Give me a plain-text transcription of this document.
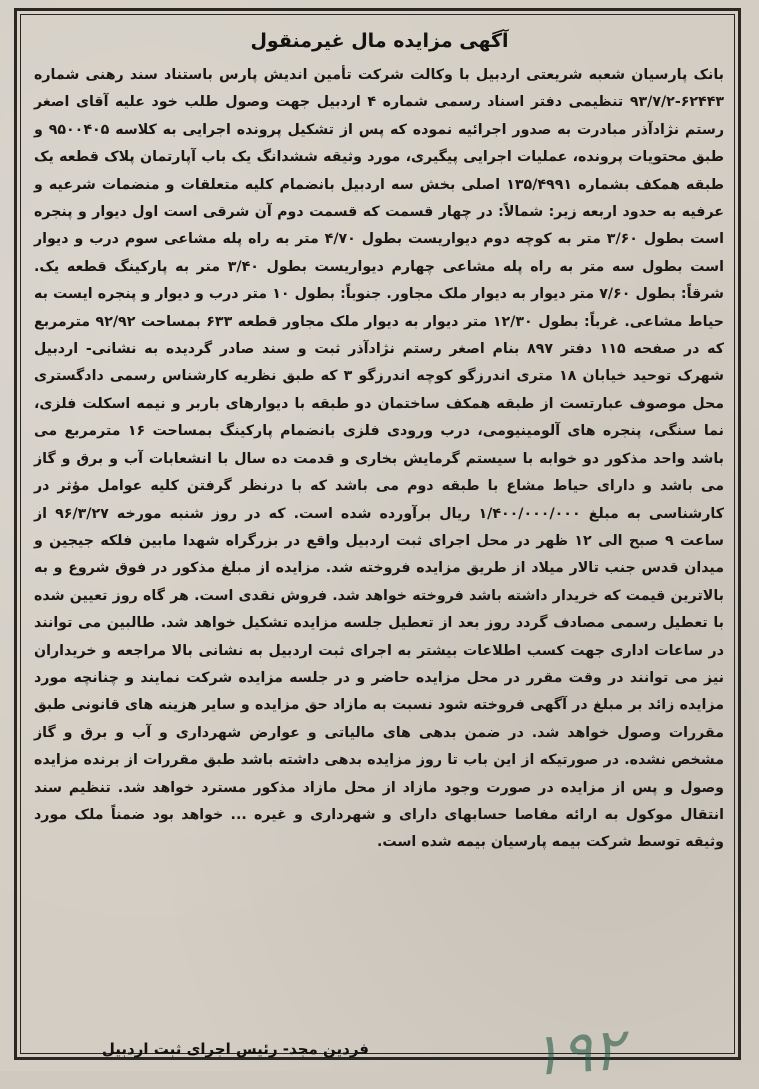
آگهی مزایده مال غیرمنقول

بانک پارسیان شعبه شریعتی اردبیل با وکالت شرکت تأمین اندیش پارس باستناد سند رهنی شماره ۶۲۴۴۳-۹۳/۷/۲ تنظیمی دفتر اسناد رسمی شماره ۴ اردبیل جهت وصول طلب خود علیه آقای اصغر رستم نژادآذر مبادرت به صدور اجرائیه نموده که پس از تشکیل پرونده اجرایی به کلاسه ۹۵۰۰۴۰۵ و طبق محتویات پرونده، عملیات اجرایی پیگیری، مورد وثیقه ششدانگ یک باب آپارتمان پلاک قطعه یک طبقه همکف بشماره ۱۳۵/۴۹۹۱ اصلی بخش سه اردبیل بانضمام کلیه متعلقات و منضمات شرعیه و عرفیه به حدود اربعه زیر: شمالاً: در چهار قسمت که قسمت دوم آن شرقی است اول دیوار و پنجره است بطول ۳/۶۰ متر به کوچه دوم دیواریست بطول ۴/۷۰ متر به راه پله مشاعی سوم درب و دیوار است بطول سه متر به راه پله مشاعی چهارم دیواریست بطول ۳/۴۰ متر به پارکینگ قطعه یک. شرقاً: بطول ۷/۶۰ متر دیوار به دیوار ملک مجاور. جنوباً: بطول ۱۰ متر درب و دیوار و پنجره ایست به حیاط مشاعی. غرباً: بطول ۱۲/۳۰ متر دیوار به دیوار ملک مجاور قطعه ۶۳۳ بمساحت ۹۲/۹۲ مترمربع که در صفحه ۱۱۵ دفتر ۸۹۷ بنام اصغر رستم نژادآذر ثبت و سند صادر گردیده به نشانی- اردبیل شهرک توحید خیابان ۱۸ متری اندرزگو کوچه اندرزگو ۳ که طبق نظریه کارشناس رسمی دادگستری محل موصوف عبارتست از طبقه همکف ساختمان دو طبقه با دیوارهای باربر و نیمه اسکلت فلزی، نما سنگی، پنجره های آلومینیومی، درب ورودی فلزی بانضمام پارکینگ بمساحت ۱۶ مترمربع می باشد واحد مذکور دو خوابه با سیستم گرمایش بخاری و قدمت ده سال با انشعابات آب و برق و گاز می باشد و دارای حیاط مشاع با طبقه دوم می باشد که با درنظر گرفتن کلیه عوامل مؤثر در کارشناسی به مبلغ ۱/۴۰۰/۰۰۰/۰۰۰ ریال برآورده شده است. که در روز شنبه مورخه ۹۶/۳/۲۷ از ساعت ۹ صبح الی ۱۲ ظهر در محل اجرای ثبت اردبیل واقع در بزرگراه شهدا مابین فلکه جیجین و میدان قدس جنب تالار میلاد از طریق مزایده فروخته شد. مزایده از مبلغ مذکور در فوق شروع و به بالاترین قیمت که خریدار داشته باشد فروخته خواهد شد. فروش نقدی است. هر گاه روز تعیین شده با تعطیل رسمی مصادف گردد روز بعد از تعطیل جلسه مزایده تشکیل خواهد شد. طالبین می توانند در ساعات اداری جهت کسب اطلاعات بیشتر به اجرای ثبت اردبیل به نشانی بالا مراجعه و خریداران نیز می توانند در وقت مقرر در محل مزایده حاضر و در جلسه مزایده شرکت نمایند و چنانچه مورد مزایده زائد بر مبلغ در آگهی فروخته شود نسبت به مازاد حق مزایده و سایر هزینه های قانونی طبق مقررات وصول خواهد شد. در ضمن بدهی های مالیاتی و عوارض شهرداری و آب و برق و گاز مشخص نشده. در صورتیکه از این باب تا روز مزایده بدهی داشته باشد طبق مقررات از برنده مزایده وصول و پس از مزایده در صورت وجود مازاد از محل مازاد مذکور مسترد خواهد شد. تنظیم سند انتقال موکول به ارائه مفاصا حسابهای دارای و شهرداری و غیره ... خواهد بود ضمناً ملک مورد وثیقه توسط شرکت بیمه پارسیان بیمه شده است.

فردین مجد- رئیس اجرای ثبت اردبیل	۱۹۲
